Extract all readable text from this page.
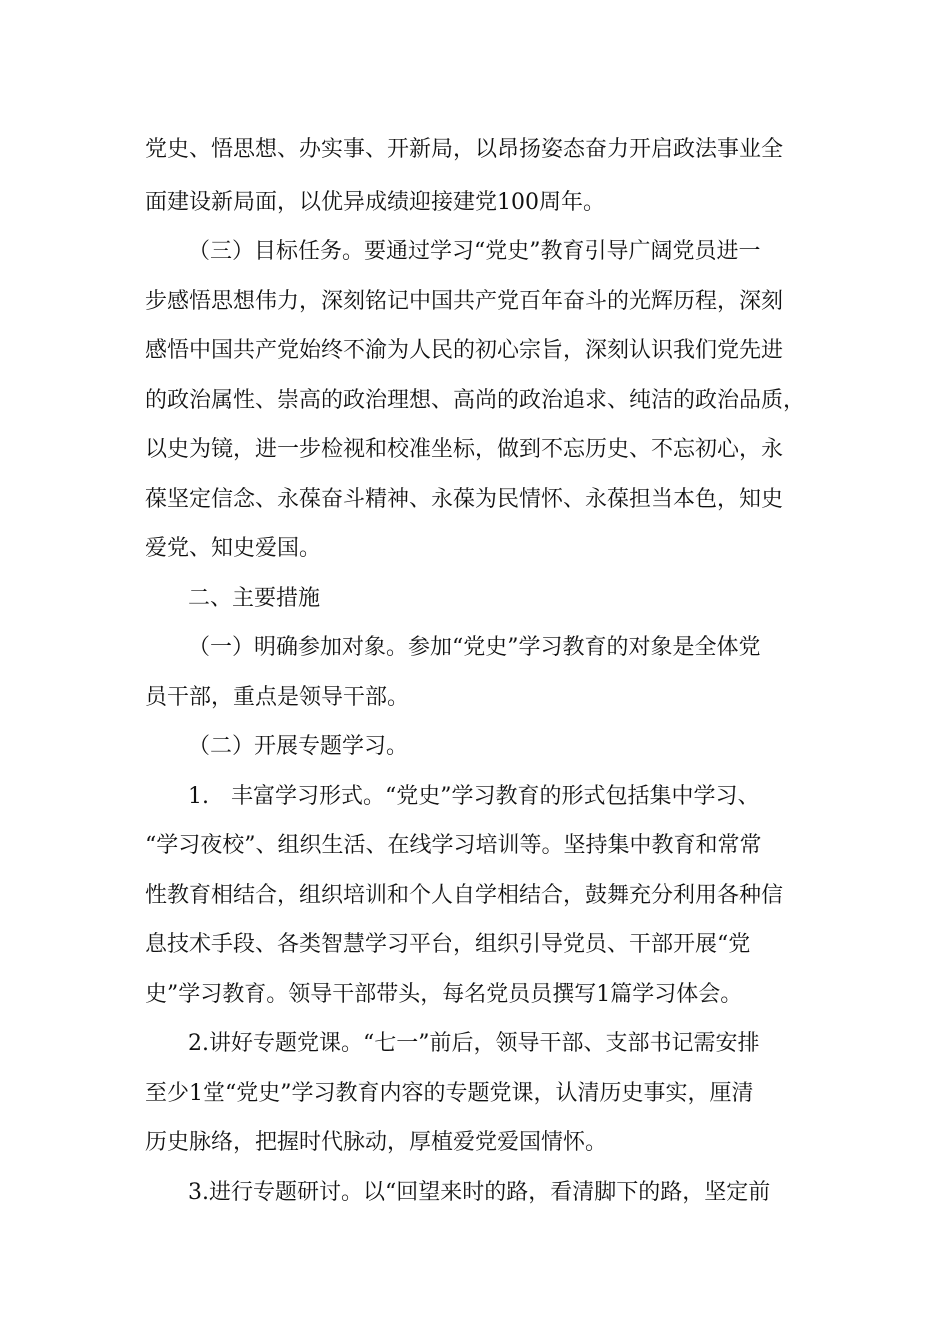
党史、悟思想、办实事、开新局，以昂扬姿态奋力开启政法事业全
面建设新局面，以优异成绩迎接建党100周年。
（三）目标任务。要通过学习“党史”教育引导广阔党员进一
步感悟思想伟力，深刻铭记中国共产党百年奋斗的光辉历程，深刻
感悟中国共产党始终不渝为人民的初心宗旨，深刻认识我们党先进
的政治属性、崇高的政治理想、高尚的政治追求、纯洁的政治品质，
以史为镜，进一步检视和校准坐标，做到不忘历史、不忘初心，永
葆坚定信念、永葆奋斗精神、永葆为民情怀、永葆担当本色，知史
爱党、知史爱国。
二、主要措施
（一）明确参加对象。参加“党史”学习教育的对象是全体党
员干部，重点是领导干部。
（二）开展专题学习。
1.　丰富学习形式。“党史”学习教育的形式包括集中学习、
“学习夜校”、组织生活、在线学习培训等。坚持集中教育和常常
性教育相结合，组织培训和个人自学相结合，鼓舞充分利用各种信
息技术手段、各类智慧学习平台，组织引导党员、干部开展“党
史”学习教育。领导干部带头，每名党员员撰写1篇学习体会。
2.讲好专题党课。“七一”前后，领导干部、支部书记需安排
至少1堂“党史”学习教育内容的专题党课，认清历史事实，厘清
历史脉络，把握时代脉动，厚植爱党爱国情怀。
3.进行专题研讨。以“回望来时的路，看清脚下的路，坚定前
